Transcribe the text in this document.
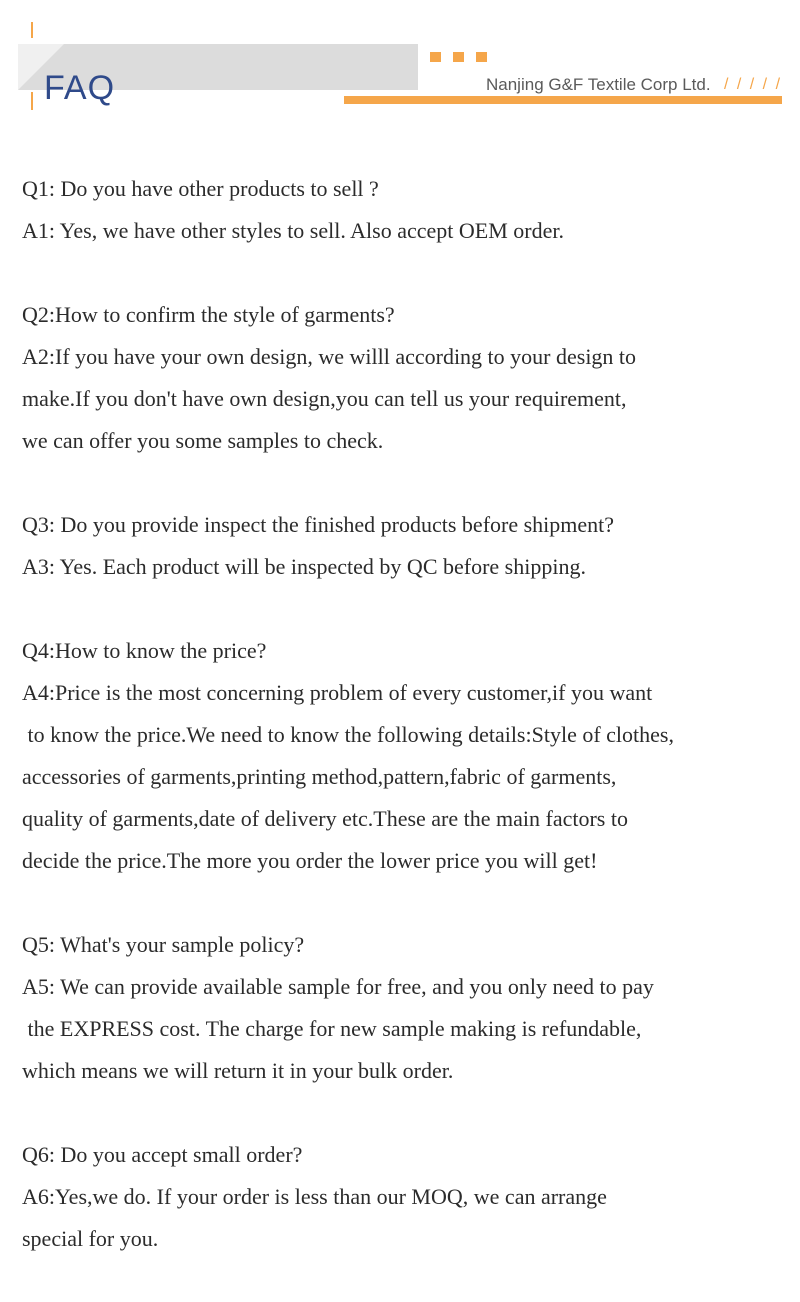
FAQ	Nanjing G&F Textile Corp Ltd. / / / / /
Q1: Do you have other products to sell ?
A1: Yes, we have other styles to sell. Also accept OEM order.
Q2:How to confirm the style of garments?
A2:If you have your own design, we willl according to your design to
make.If you don't have own design,you can tell us your requirement,
we can offer you some samples to check.
Q3: Do you provide inspect the finished products before shipment?
A3: Yes. Each product will be inspected by QC before shipping.
Q4:How to know the price?
A4:Price is the most concerning problem of every customer,if you want
to know the price.We need to know the following details:Style of clothes,
accessories of garments,printing method,pattern,fabric of garments,
quality of garments,date of delivery etc.These are the main factors to
decide the price.The more you order the lower price you will get!
Q5: What's your sample policy?
A5: We can provide available sample for free, and you only need to pay
the EXPRESS cost. The charge for new sample making is refundable,
which means we will return it in your bulk order.
Q6: Do you accept small order?
A6:Yes,we do. If your order is less than our MOQ, we can arrange
special for you.
